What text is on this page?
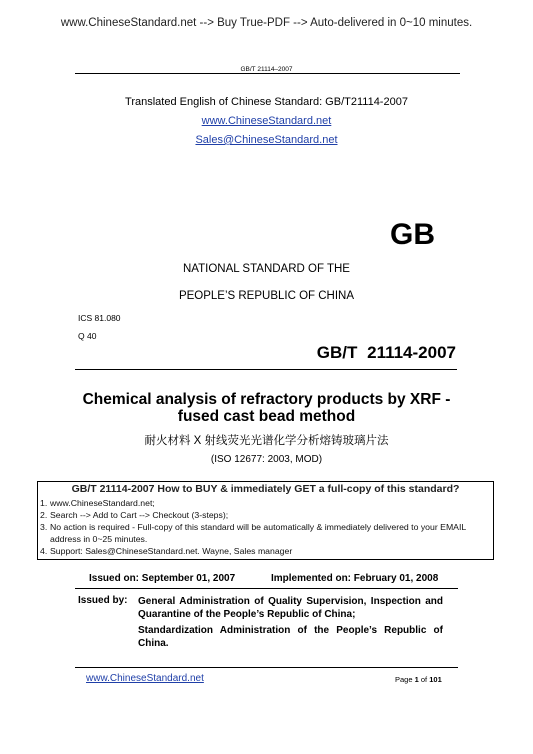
www.ChineseStandard.net --> Buy True-PDF --> Auto-delivered in 0~10 minutes.
GB/T 21114–2007
Translated English of Chinese Standard: GB/T21114-2007
www.ChineseStandard.net
Sales@ChineseStandard.net
GB
NATIONAL STANDARD OF THE
PEOPLE’S REPUBLIC OF CHINA
ICS 81.080
Q 40
GB/T 21114-2007
Chemical analysis of refractory products by XRF - fused cast bead method
耐火材料 X 射线荧光光谱化学分析熔铸玻璃片法
(ISO 12677: 2003, MOD)
GB/T 21114-2007 How to BUY & immediately GET a full-copy of this standard?
1. www.ChineseStandard.net;
2. Search --> Add to Cart --> Checkout (3-steps);
3. No action is required - Full-copy of this standard will be automatically & immediately delivered to your EMAIL address in 0~25 minutes.
4. Support: Sales@ChineseStandard.net. Wayne, Sales manager
Issued on: September 01, 2007	Implemented on: February 01, 2008
Issued by: General Administration of Quality Supervision, Inspection and Quarantine of the People’s Republic of China;
Standardization Administration of the People’s Republic of China.
www.ChineseStandard.net	Page 1 of 101
